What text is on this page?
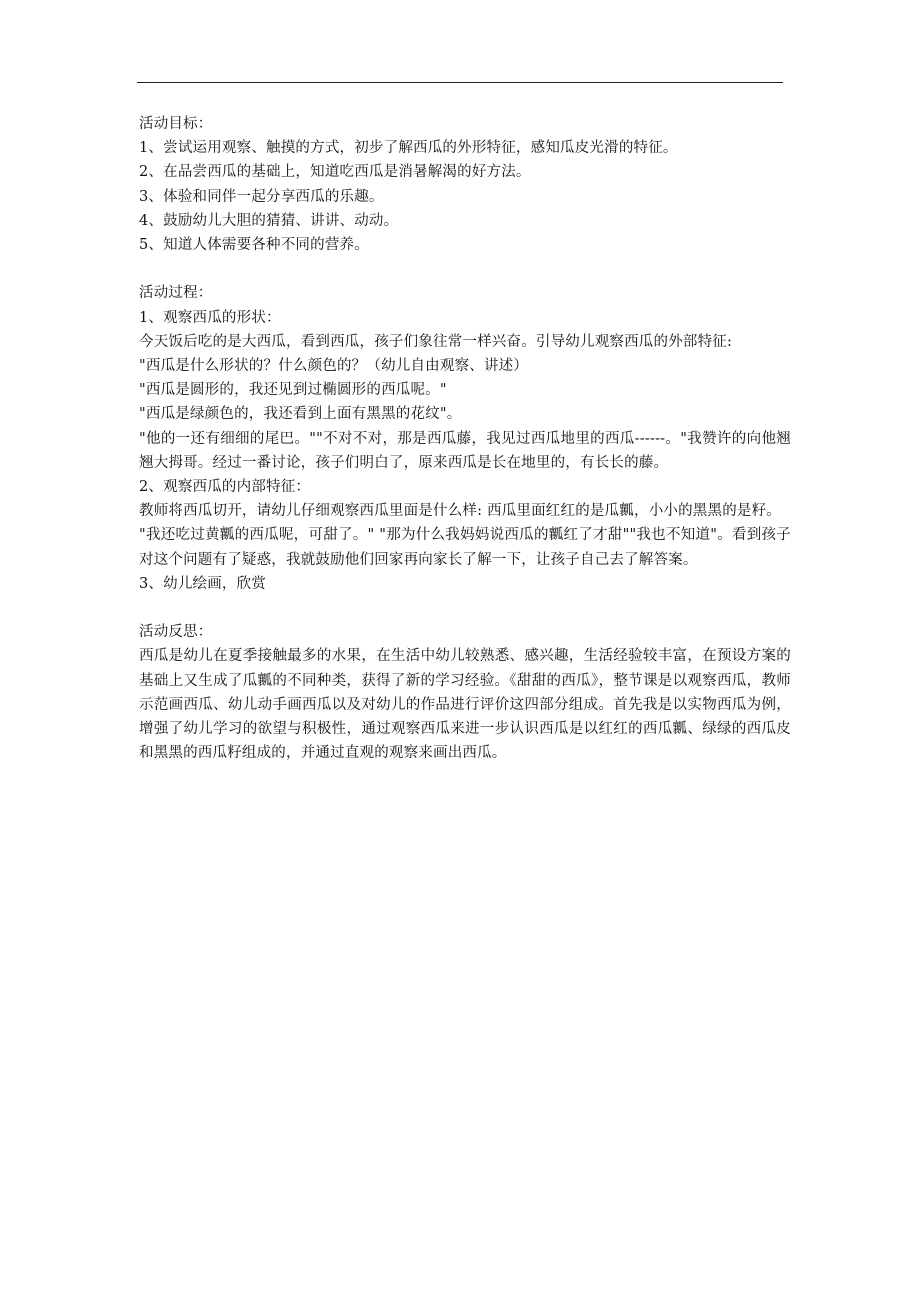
活动目标：
1、尝试运用观察、触摸的方式，初步了解西瓜的外形特征，感知瓜皮光滑的特征。
2、在品尝西瓜的基础上，知道吃西瓜是消暑解渴的好方法。
3、体验和同伴一起分享西瓜的乐趣。
4、鼓励幼儿大胆的猜猜、讲讲、动动。
5、知道人体需要各种不同的营养。
活动过程：
1、观察西瓜的形状：
今天饭后吃的是大西瓜，看到西瓜，孩子们象往常一样兴奋。引导幼儿观察西瓜的外部特征:
"西瓜是什么形状的？什么颜色的？（幼儿自由观察、讲述）
"西瓜是圆形的，我还见到过椭圆形的西瓜呢。"
"西瓜是绿颜色的，我还看到上面有黑黑的花纹"。
"他的一还有细细的尾巴。""不对不对，那是西瓜藤，我见过西瓜地里的西瓜------。"我赞许的向他翘翘大拇哥。经过一番讨论，孩子们明白了，原来西瓜是长在地里的，有长长的藤。
2、观察西瓜的内部特征：
教师将西瓜切开，请幼儿仔细观察西瓜里面是什么样: 西瓜里面红红的是瓜瓤，小小的黑黑的是籽。
"我还吃过黄瓤的西瓜呢，可甜了。" "那为什么我妈妈说西瓜的瓤红了才甜""我也不知道"。看到孩子对这个问题有了疑惑，我就鼓励他们回家再向家长了解一下，让孩子自己去了解答案。
3、幼儿绘画，欣赏
活动反思：
西瓜是幼儿在夏季接触最多的水果，在生活中幼儿较熟悉、感兴趣，生活经验较丰富，在预设方案的基础上又生成了瓜瓤的不同种类，获得了新的学习经验。《甜甜的西瓜》，整节课是以观察西瓜，教师示范画西瓜、幼儿动手画西瓜以及对幼儿的作品进行评价这四部分组成。首先我是以实物西瓜为例，增强了幼儿学习的欲望与积极性，通过观察西瓜来进一步认识西瓜是以红红的西瓜瓤、绿绿的西瓜皮和黑黑的西瓜籽组成的，并通过直观的观察来画出西瓜。
